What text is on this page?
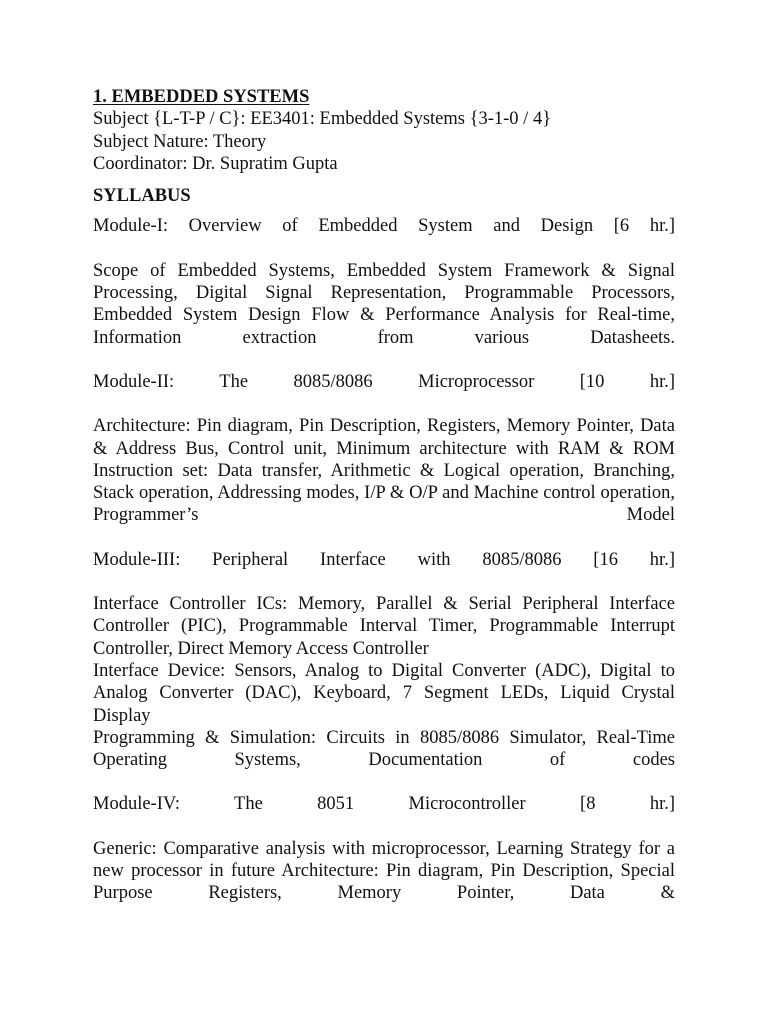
1. EMBEDDED SYSTEMS
Subject {L-T-P / C}: EE3401: Embedded Systems {3-1-0 / 4}
Subject Nature: Theory
Coordinator: Dr. Supratim Gupta
SYLLABUS
Module-I: Overview of Embedded System and Design [6 hr.]
Scope of Embedded Systems, Embedded System Framework & Signal Processing, Digital Signal Representation, Programmable Processors, Embedded System Design Flow & Performance Analysis for Real-time, Information extraction from various Datasheets.
Module-II: The 8085/8086 Microprocessor [10 hr.]
Architecture: Pin diagram, Pin Description, Registers, Memory Pointer, Data & Address Bus, Control unit, Minimum architecture with RAM & ROM
Instruction set: Data transfer, Arithmetic & Logical operation, Branching, Stack operation, Addressing modes, I/P & O/P and Machine control operation, Programmer’s Model
Module-III: Peripheral Interface with 8085/8086 [16 hr.]
Interface Controller ICs: Memory, Parallel & Serial Peripheral Interface Controller (PIC), Programmable Interval Timer, Programmable Interrupt Controller, Direct Memory Access Controller
Interface Device: Sensors, Analog to Digital Converter (ADC), Digital to Analog Converter (DAC), Keyboard, 7 Segment LEDs, Liquid Crystal Display
Programming & Simulation: Circuits in 8085/8086 Simulator, Real-Time Operating Systems, Documentation of codes
Module-IV: The 8051 Microcontroller [8 hr.]
Generic: Comparative analysis with microprocessor, Learning Strategy for a new processor in future Architecture: Pin diagram, Pin Description, Special Purpose Registers, Memory Pointer, Data &
